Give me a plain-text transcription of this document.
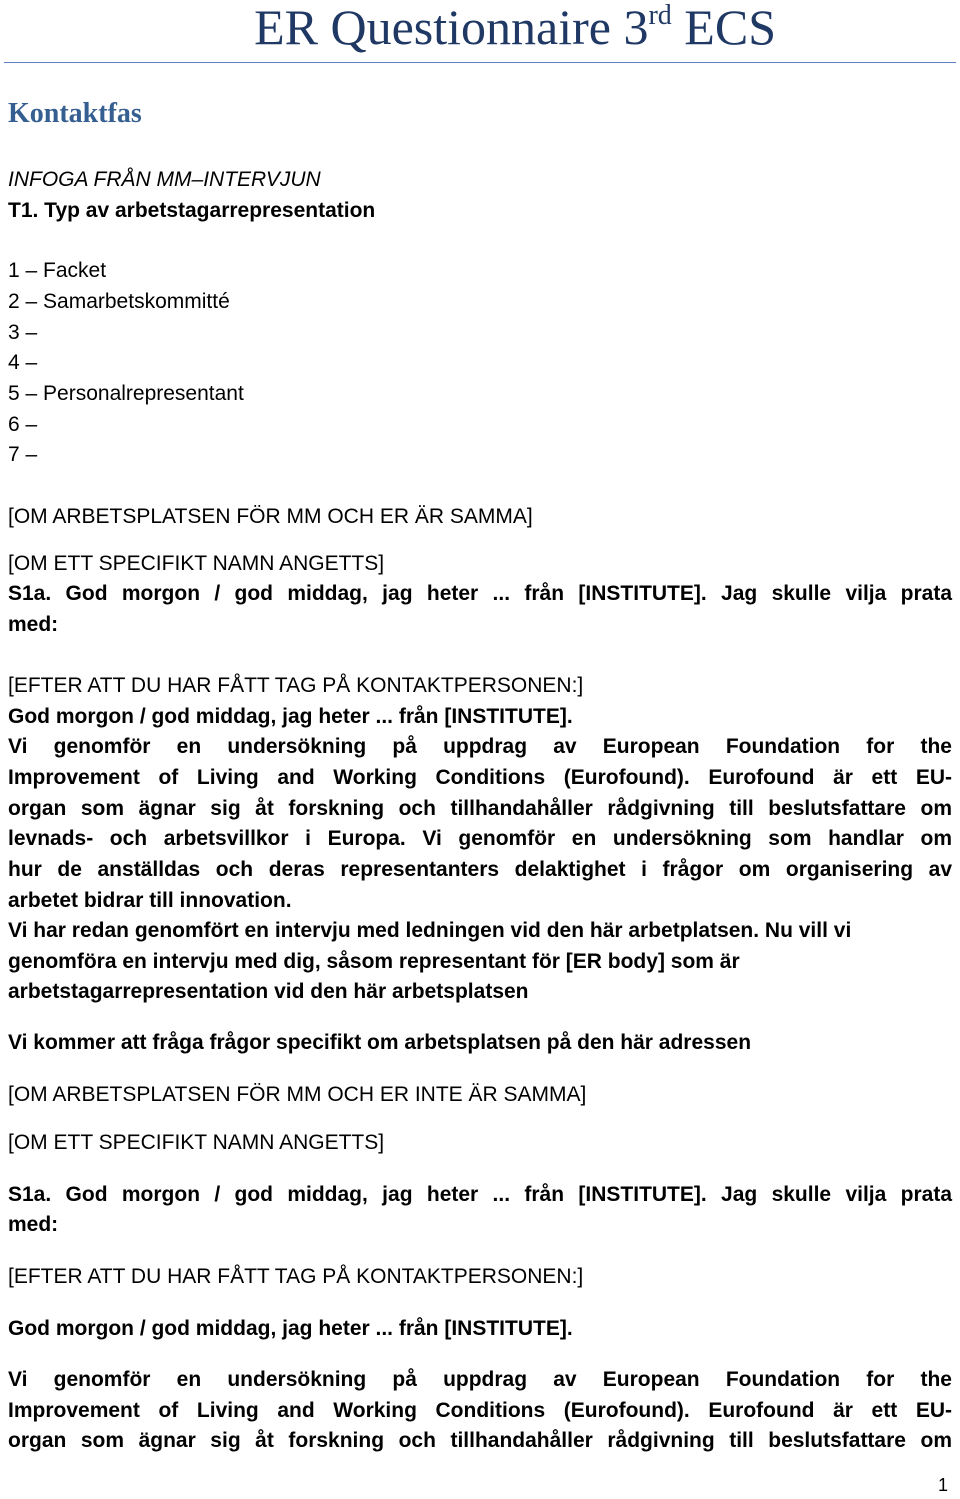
ER Questionnaire 3rd ECS
Kontaktfas
INFOGA FRÅN MM–INTERVJUN
T1. Typ av arbetstagarrepresentation
1 – Facket
2 – Samarbetskommitté
3 –
4 –
5 – Personalrepresentant
6 –
7 –
[OM ARBETSPLATSEN FÖR MM OCH ER ÄR SAMMA]
[OM ETT SPECIFIKT NAMN ANGETTS]
S1a. God morgon / god middag, jag heter ... från [INSTITUTE]. Jag skulle vilja prata
med:
[EFTER ATT DU HAR FÅTT TAG PÅ KONTAKTPERSONEN:]
God morgon / god middag, jag heter ... från [INSTITUTE].
Vi genomför en undersökning på uppdrag av European Foundation for the
Improvement of Living and Working Conditions (Eurofound). Eurofound är ett EU-
organ som ägnar sig åt forskning och tillhandahåller rådgivning till beslutsfattare om
levnads- och arbetsvillkor i Europa. Vi genomför en undersökning som handlar om
hur de anställdas och deras representanters delaktighet i frågor om organisering av
arbetet bidrar till innovation.
Vi har redan genomfört en intervju med ledningen vid den här arbetplatsen. Nu vill vi
genomföra en intervju med dig, såsom representant för [ER body] som är
arbetstagarrepresentation vid den här arbetsplatsen
Vi kommer att fråga frågor specifikt om arbetsplatsen på den här adressen
[OM ARBETSPLATSEN FÖR MM OCH ER INTE ÄR SAMMA]
[OM ETT SPECIFIKT NAMN ANGETTS]
S1a. God morgon / god middag, jag heter ... från [INSTITUTE]. Jag skulle vilja prata
med:
[EFTER ATT DU HAR FÅTT TAG PÅ KONTAKTPERSONEN:]
God morgon / god middag, jag heter ... från [INSTITUTE].
Vi genomför en undersökning på uppdrag av European Foundation for the
Improvement of Living and Working Conditions (Eurofound). Eurofound är ett EU-
organ som ägnar sig åt forskning och tillhandahåller rådgivning till beslutsfattare om
1
